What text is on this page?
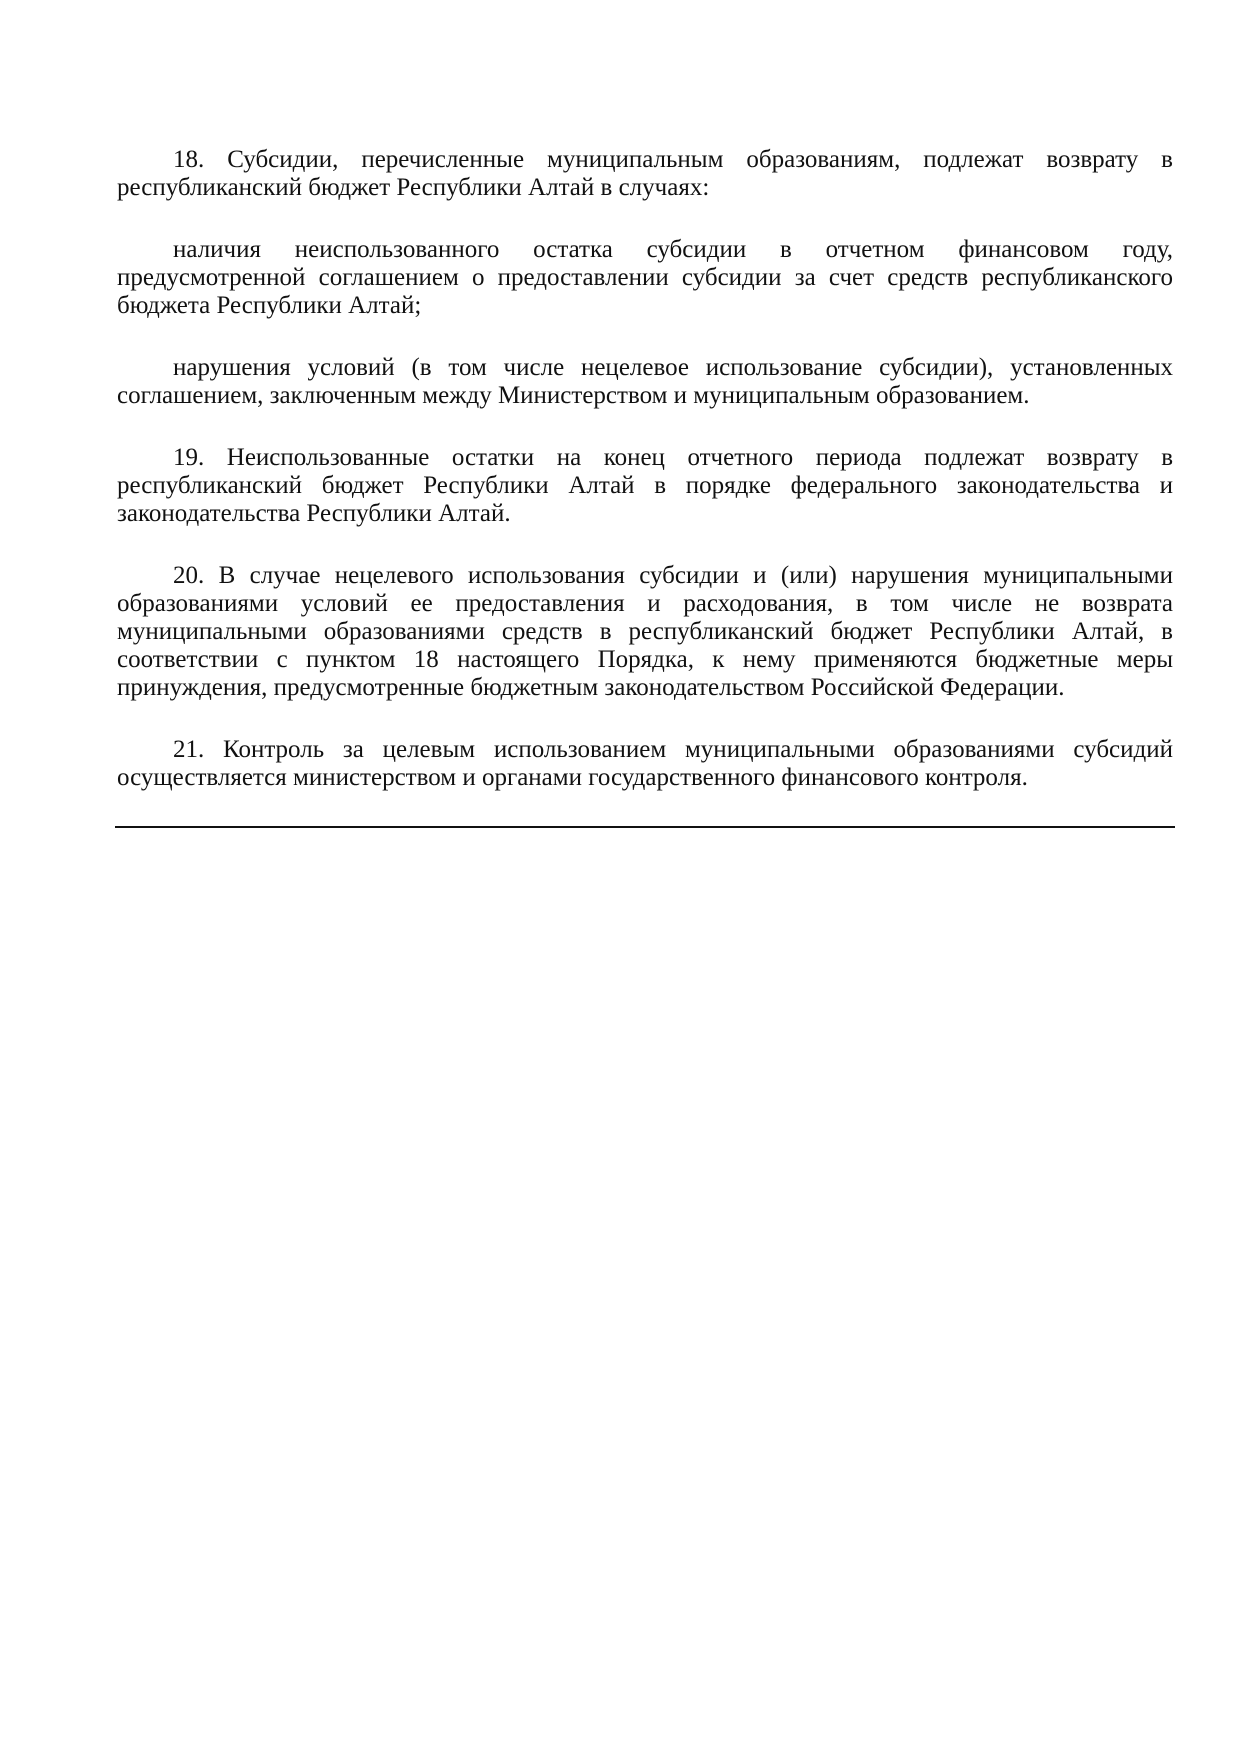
18. Субсидии, перечисленные муниципальным образованиям, подлежат возврату в республиканский бюджет Республики Алтай в случаях:

наличия неиспользованного остатка субсидии в отчетном финансовом году, предусмотренной соглашением о предоставлении субсидии за счет средств республиканского бюджета Республики Алтай;

нарушения условий (в том числе нецелевое использование субсидии), установленных соглашением, заключенным между Министерством и муниципальным образованием.

19. Неиспользованные остатки на конец отчетного периода подлежат возврату в республиканский бюджет Республики Алтай в порядке федерального законодательства и законодательства Республики Алтай.

20. В случае нецелевого использования субсидии и (или) нарушения муниципальными образованиями условий ее предоставления и расходования, в том числе не возврата муниципальными образованиями средств в республиканский бюджет Республики Алтай, в соответствии с пунктом 18 настоящего Порядка, к нему применяются бюджетные меры принуждения, предусмотренные бюджетным законодательством Российской Федерации.

21. Контроль за целевым использованием муниципальными образованиями субсидий осуществляется министерством и органами государственного финансового контроля.
